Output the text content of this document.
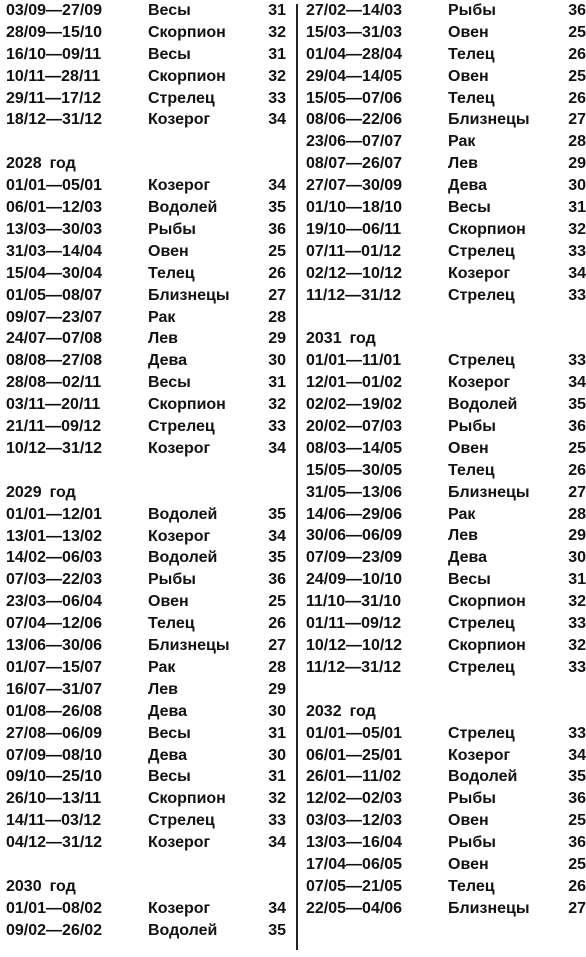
03/09—27/09	Весы	31
28/09—15/10	Скорпион	32
16/10—09/11	Весы	31
10/11—28/11	Скорпион	32
29/11—17/12	Стрелец	33
18/12—31/12	Козерог	34
2028 год
01/01—05/01	Козерог	34
06/01—12/03	Водолей	35
13/03—30/03	Рыбы	36
31/03—14/04	Овен	25
15/04—30/04	Телец	26
01/05—08/07	Близнецы 27
09/07—23/07	Рак	28
24/07—07/08	Лев	29
08/08—27/08	Дева	30
28/08—02/11	Весы	31
03/11—20/11	Скорпион	32
21/11—09/12	Стрелец	33
10/12—31/12	Козерог	34
2029 год
01/01—12/01	Водолей	35
13/01—13/02	Козерог	34
14/02—06/03	Водолей	35
07/03—22/03	Рыбы	36
23/03—06/04	Овен	25
07/04—12/06	Телец	26
13/06—30/06	Близнецы 27
01/07—15/07	Рак	28
16/07—31/07	Лев	29
01/08—26/08	Дева	30
27/08—06/09	Весы	31
07/09—08/10	Дева	30
09/10—25/10	Весы	31
26/10—13/11	Скорпион	32
14/11—03/12	Стрелец	33
04/12—31/12	Козерог	34
2030 год
01/01—08/02	Козерог	34
09/02—26/02	Водолей	35
27/02—14/03	Рыбы	36
15/03—31/03	Овен	25
01/04—28/04	Телец	26
29/04—14/05	Овен	25
15/05—07/06	Телец	26
08/06—22/06	Близнецы 27
23/06—07/07	Рак	28
08/07—26/07	Лев	29
27/07—30/09	Дева	30
01/10—18/10	Весы	31
19/10—06/11	Скорпион	32
07/11—01/12	Стрелец	33
02/12—10/12	Козерог	34
11/12—31/12	Стрелец	33
2031 год
01/01—11/01	Стрелец	33
12/01—01/02	Козерог	34
02/02—19/02	Водолей	35
20/02—07/03	Рыбы	36
08/03—14/05	Овен	25
15/05—30/05	Телец	26
31/05—13/06	Близнецы 27
14/06—29/06	Рак	28
30/06—06/09	Лев	29
07/09—23/09	Дева	30
24/09—10/10	Весы	31
11/10—31/10	Скорпион	32
01/11—09/12	Стрелец	33
10/12—10/12	Скорпион	32
11/12—31/12	Стрелец	33
2032 год
01/01—05/01	Стрелец	33
06/01—25/01	Козерог	34
26/01—11/02	Водолей	35
12/02—02/03	Рыбы	36
03/03—12/03	Овен	25
13/03—16/04	Рыбы	36
17/04—06/05	Овен	25
07/05—21/05	Телец	26
22/05—04/06	Близнецы 27
